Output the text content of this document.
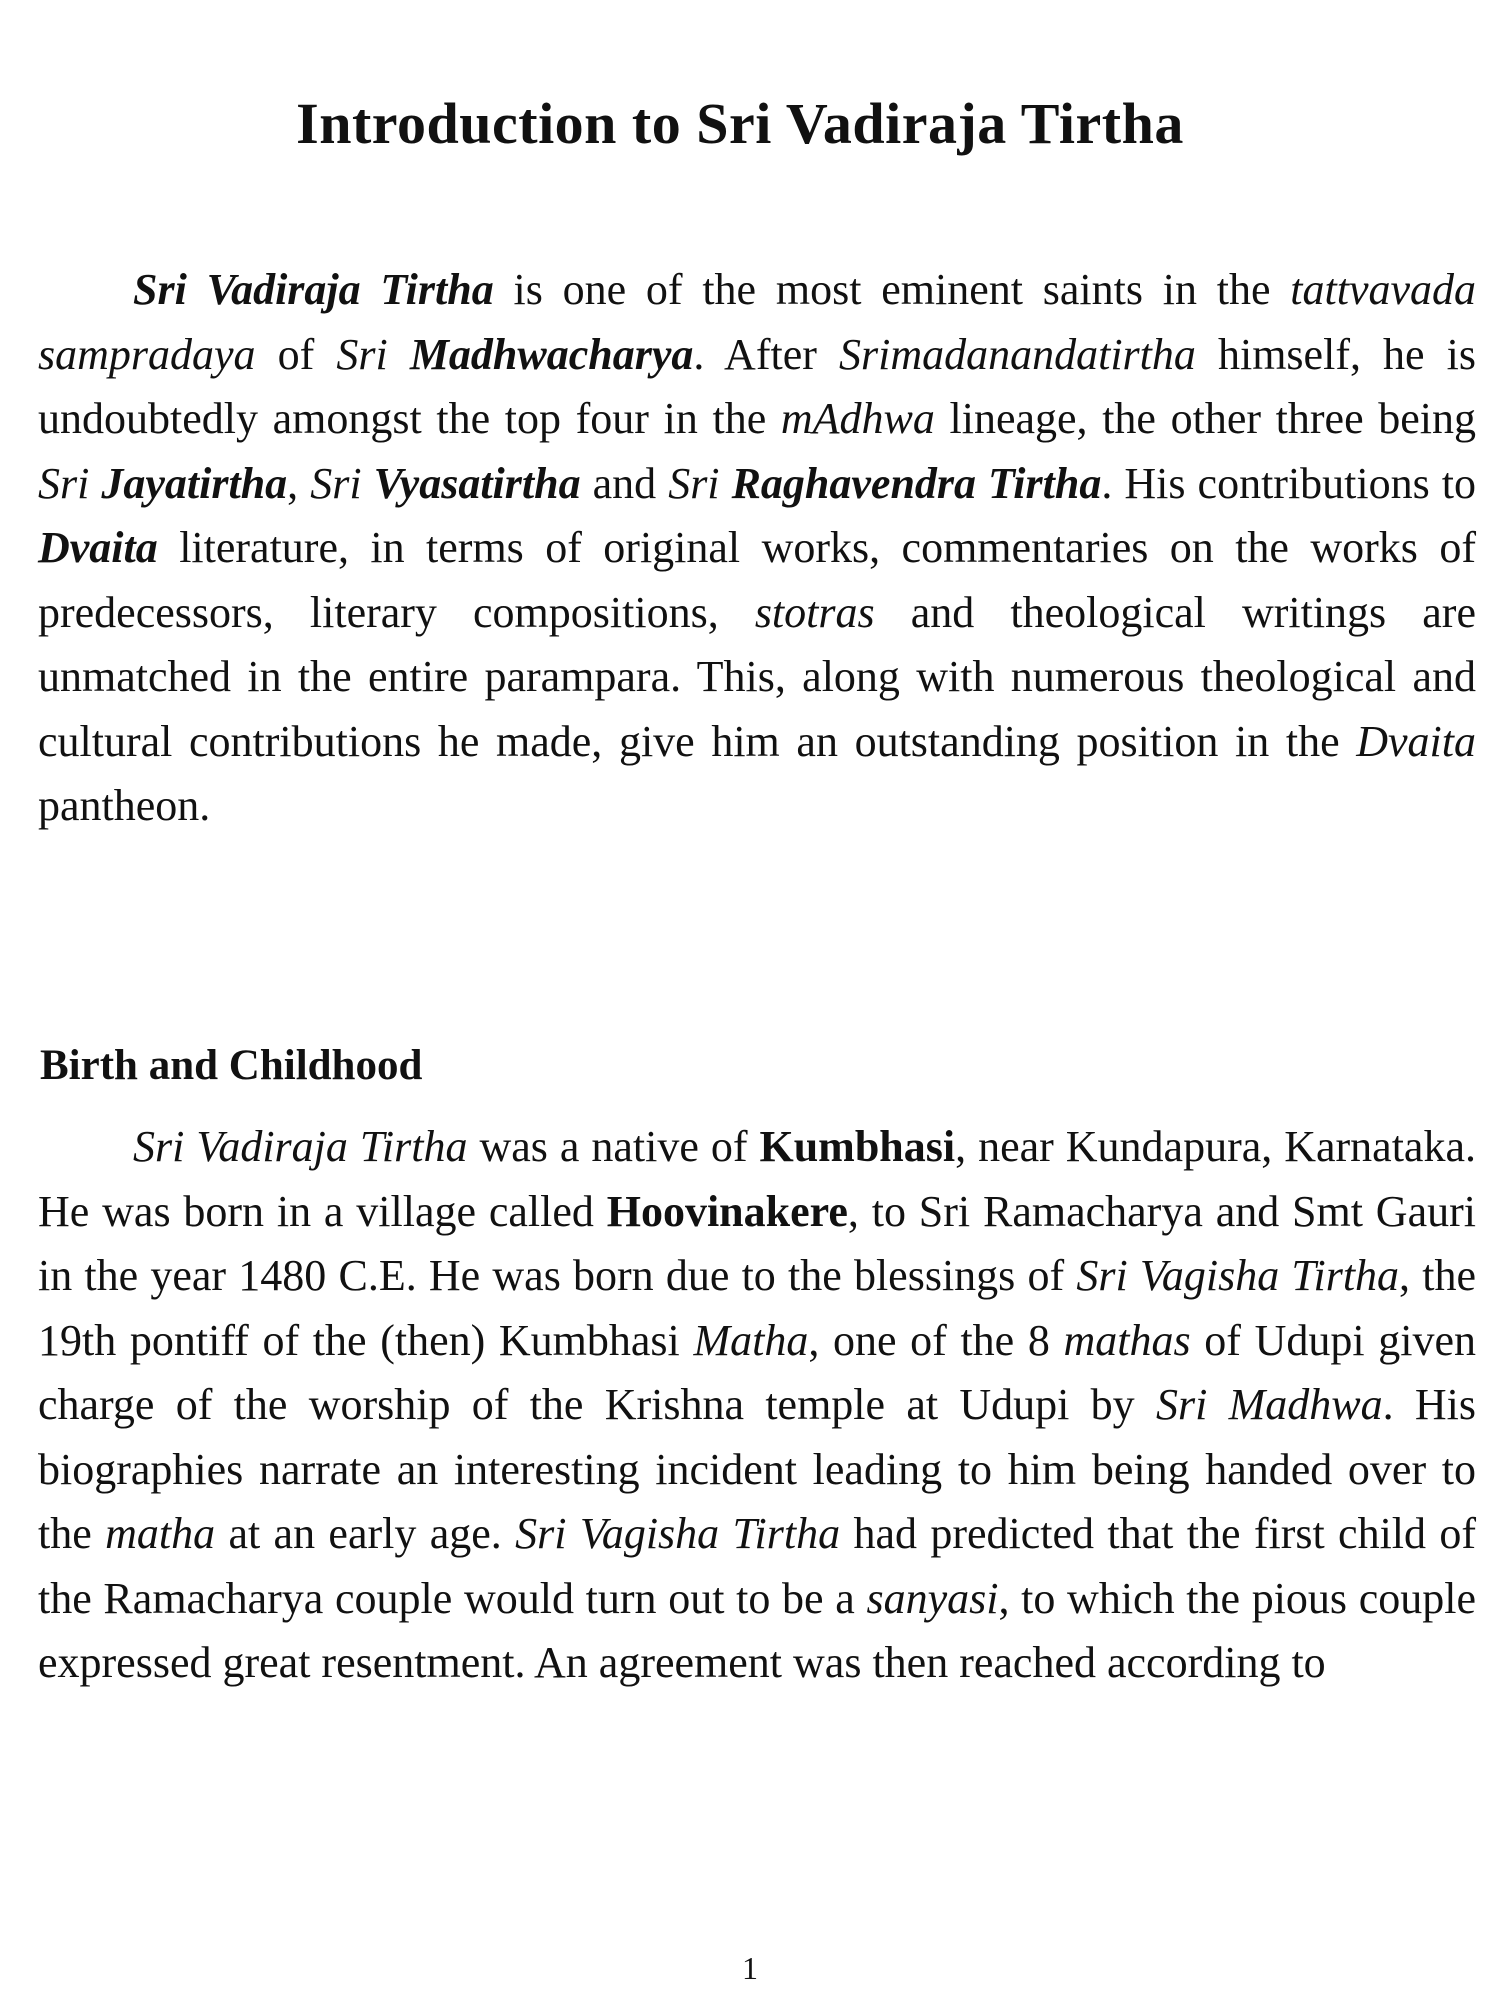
Introduction to Sri Vadiraja Tirtha

Sri Vadiraja Tirtha is one of the most eminent saints in the tattvavada sampradaya of Sri Madhwacharya. After Srimadanandatirtha himself, he is undoubtedly amongst the top four in the mAdhwa lineage, the other three being Sri Jayatirtha, Sri Vyasatirtha and Sri Raghavendra Tirtha. His contributions to Dvaita literature, in terms of original works, commentaries on the works of predecessors, literary compositions, stotras and theological writings are unmatched in the entire parampara. This, along with numerous theological and cultural contributions he made, give him an outstanding position in the Dvaita pantheon.

Birth and Childhood

Sri Vadiraja Tirtha was a native of Kumbhasi, near Kundapura, Karnataka. He was born in a village called Hoovinakere, to Sri Ramacharya and Smt Gauri in the year 1480 C.E. He was born due to the blessings of Sri Vagisha Tirtha, the 19th pontiff of the (then) Kumbhasi Matha, one of the 8 mathas of Udupi given charge of the worship of the Krishna temple at Udupi by Sri Madhwa. His biographies narrate an interesting incident leading to him being handed over to the matha at an early age. Sri Vagisha Tirtha had predicted that the first child of the Ramacharya couple would turn out to be a sanyasi, to which the pious couple expressed great resentment. An agreement was then reached according to

1
